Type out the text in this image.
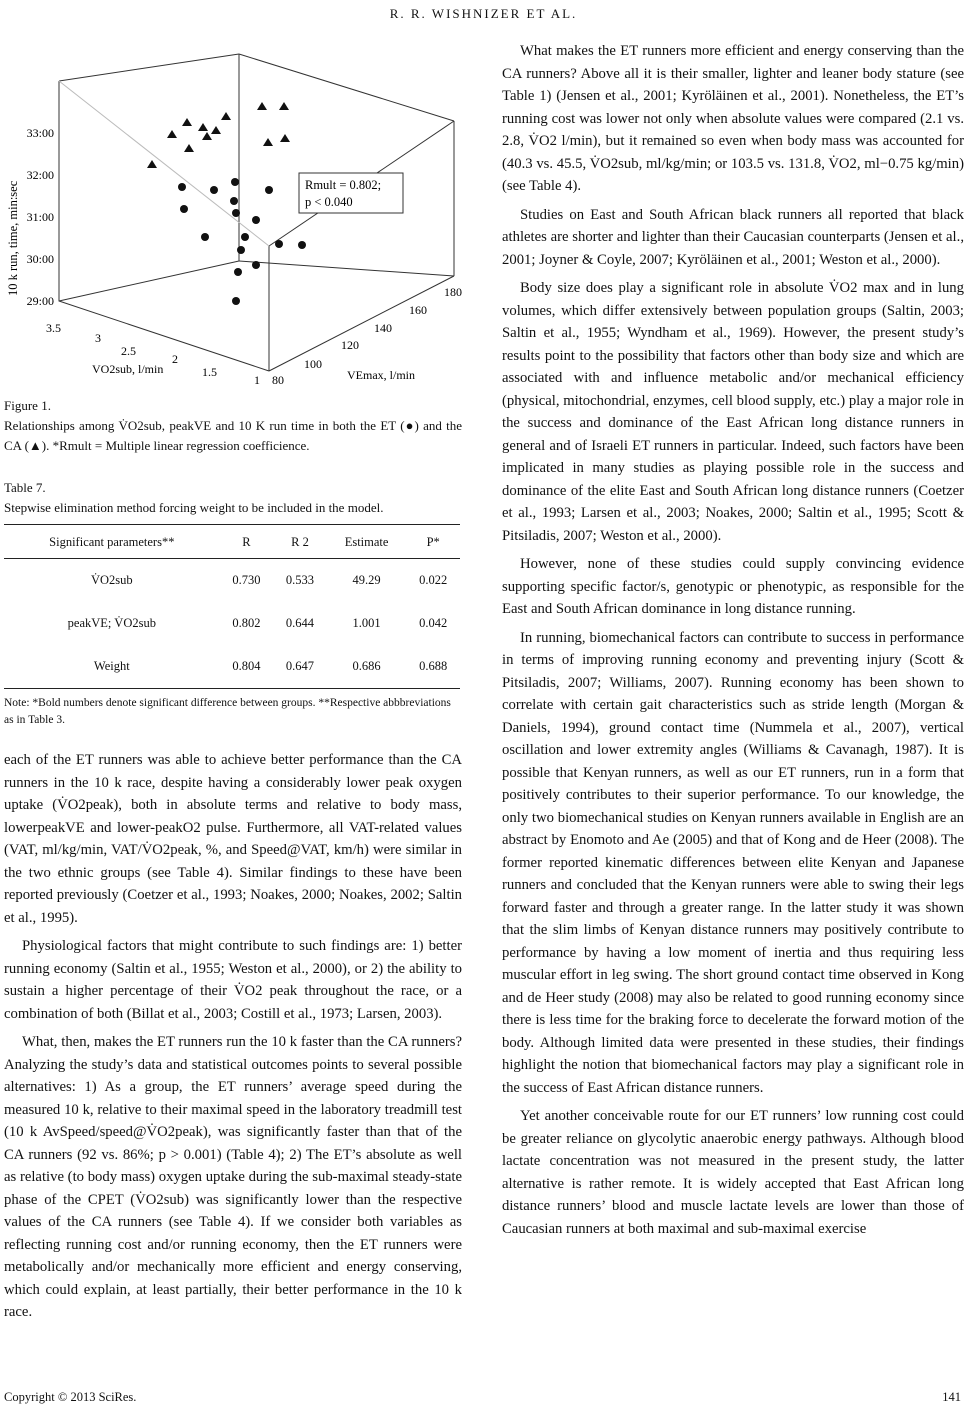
R. R. WISHNIZER ET AL.
33:00
32:00
31:00
30:00
29:00
10 k run, time, min:sec
3.5
3
2.5
2
1.5
1
VO2sub, l/min
80
100
120
140
160
180
VEmax, l/min
Rmult = 0.802;
p < 0.040

Figure 1.

Relationships among V̇O2sub, peakVE and 10 K run time in both the ET (●) and the CA (▲). *Rmult = Multiple linear regression coefficience.

Table 7.

Stepwise elimination method forcing weight to be included in the model.

Significant parameters**	R	R 2	Estimate	P*
V̇O2sub	0.730	0.533	49.29	0.022
peakVE; V̇O2sub	0.802	0.644	1.001	0.042
Weight	0.804	0.647	0.686	0.688
Note: *Bold numbers denote significant difference between groups. **Respective abbbreviations as in Table 3.

each of the ET runners was able to achieve better performance than the CA runners in the 10 k race, despite having a considerably lower peak oxygen uptake (V̇O2peak), both in absolute terms and relative to body mass, lowerpeakVE and lower-peakO2 pulse. Furthermore, all VAT-related values (VAT, ml/kg/min, VAT/V̇O2peak, %, and Speed@VAT, km/h) were similar in the two ethnic groups (see Table 4). Similar findings to these have been reported previously (Coetzer et al., 1993; Noakes, 2000; Noakes, 2002; Saltin et al., 1995).

Physiological factors that might contribute to such findings are: 1) better running economy (Saltin et al., 1955; Weston et al., 2000), or 2) the ability to sustain a higher percentage of their V̇O2 peak throughout the race, or a combination of both (Billat et al., 2003; Costill et al., 1973; Larsen, 2003).

What, then, makes the ET runners run the 10 k faster than the CA runners? Analyzing the study’s data and statistical outcomes points to several possible alternatives: 1) As a group, the ET runners’ average speed during the measured 10 k, relative to their maximal speed in the laboratory treadmill test (10 k AvSpeed/speed@V̇O2peak), was significantly faster than that of the CA runners (92 vs. 86%; p > 0.001) (Table 4); 2) The ET’s absolute as well as relative (to body mass) oxygen uptake during the sub-maximal steady-state phase of the CPET (V̇O2sub) was significantly lower than the respective values of the CA runners (see Table 4). If we consider both variables as reflecting running cost and/or running economy, then the ET runners were metabolically and/or mechanically more efficient and energy conserving, which could explain, at least partially, their better performance in the 10 k race.

What makes the ET runners more efficient and energy conserving than the CA runners? Above all it is their smaller, lighter and leaner body stature (see Table 1) (Jensen et al., 2001; Kyröläinen et al., 2001). Nonetheless, the ET’s running cost was lower not only when absolute values were compared (2.1 vs. 2.8, V̇O2 l/min), but it remained so even when body mass was accounted for (40.3 vs. 45.5, V̇O2sub, ml/kg/min; or 103.5 vs. 131.8, V̇O2, ml−0.75 kg/min) (see Table 4).

Studies on East and South African black runners all reported that black athletes are shorter and lighter than their Caucasian counterparts (Jensen et al., 2001; Joyner & Coyle, 2007; Kyröläinen et al., 2001; Weston et al., 2000).

Body size does play a significant role in absolute V̇O2 max and in lung volumes, which differ extensively between population groups (Saltin, 2003; Saltin et al., 1955; Wyndham et al., 1969). However, the present study’s results point to the possibility that factors other than body size and which are associated with and influence metabolic and/or mechanical efficiency (physical, mitochondrial, enzymes, cell blood supply, etc.) play a major role in the success and dominance of the East African long distance runners in general and of Israeli ET runners in particular. Indeed, such factors have been implicated in many studies as playing possible role in the success and dominance of the elite East and South African long distance runners (Coetzer et al., 1993; Larsen et al., 2003; Noakes, 2000; Saltin et al., 1995; Scott & Pitsiladis, 2007; Weston et al., 2000).

However, none of these studies could supply convincing evidence supporting specific factor/s, genotypic or phenotypic, as responsible for the East and South African dominance in long distance running.

In running, biomechanical factors can contribute to success in performance in terms of improving running economy and preventing injury (Scott & Pitsiladis, 2007; Williams, 2007). Running economy has been shown to correlate with certain gait characteristics such as stride length (Morgan & Daniels, 1994), ground contact time (Nummela et al., 2007), vertical oscillation and lower extremity angles (Williams & Cavanagh, 1987). It is possible that Kenyan runners, as well as our ET runners, run in a form that positively contributes to their superior performance. To our knowledge, the only two biomechanical studies on Kenyan runners available in English are an abstract by Enomoto and Ae (2005) and that of Kong and de Heer (2008). The former reported kinematic differences between elite Kenyan and Japanese runners and concluded that the Kenyan runners were able to swing their legs forward faster and through a greater range. In the latter study it was shown that the slim limbs of Kenyan distance runners may positively contribute to performance by having a low moment of inertia and thus requiring less muscular effort in leg swing. The short ground contact time observed in Kong and de Heer study (2008) may also be related to good running economy since there is less time for the braking force to decelerate the forward motion of the body. Although limited data were presented in these studies, their findings highlight the notion that biomechanical factors may play a significant role in the success of East African distance runners.

Yet another conceivable route for our ET runners’ low running cost could be greater reliance on glycolytic anaerobic energy pathways. Although blood lactate concentration was not measured in the present study, the latter alternative is rather remote. It is widely accepted that East African long distance runners’ blood and muscle lactate levels are lower than those of Caucasian runners at both maximal and sub-maximal exercise

Copyright © 2013 SciRes.	141
